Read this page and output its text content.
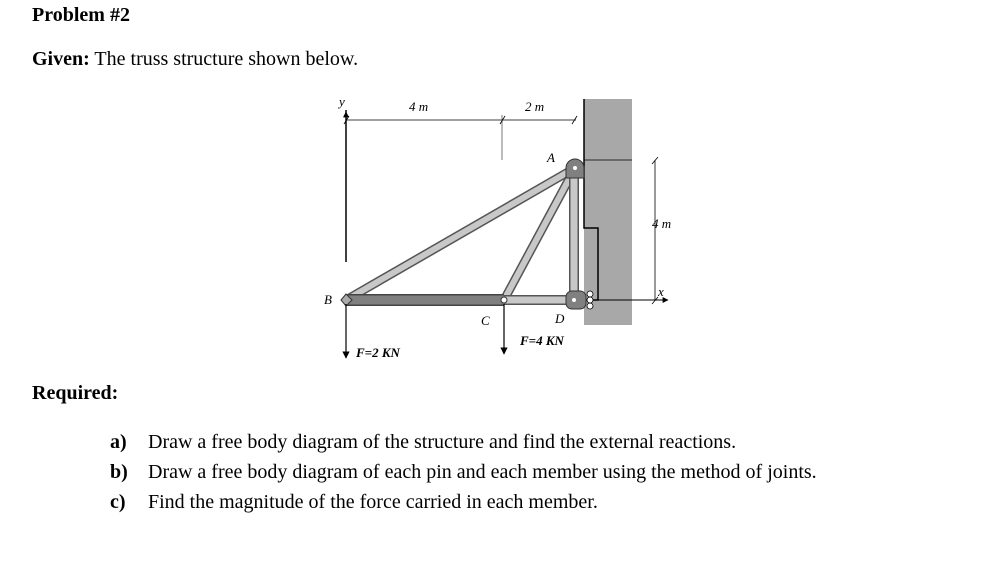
Problem #2
Given: The truss structure shown below.
y	4 m	2 m
4 m
x
A
B
C	D
F=2 KN
F=4 KN
Required:
a) Draw a free body diagram of the structure and find the external reactions.
b) Draw a free body diagram of each pin and each member using the method of joints.
c) Find the magnitude of the force carried in each member.
